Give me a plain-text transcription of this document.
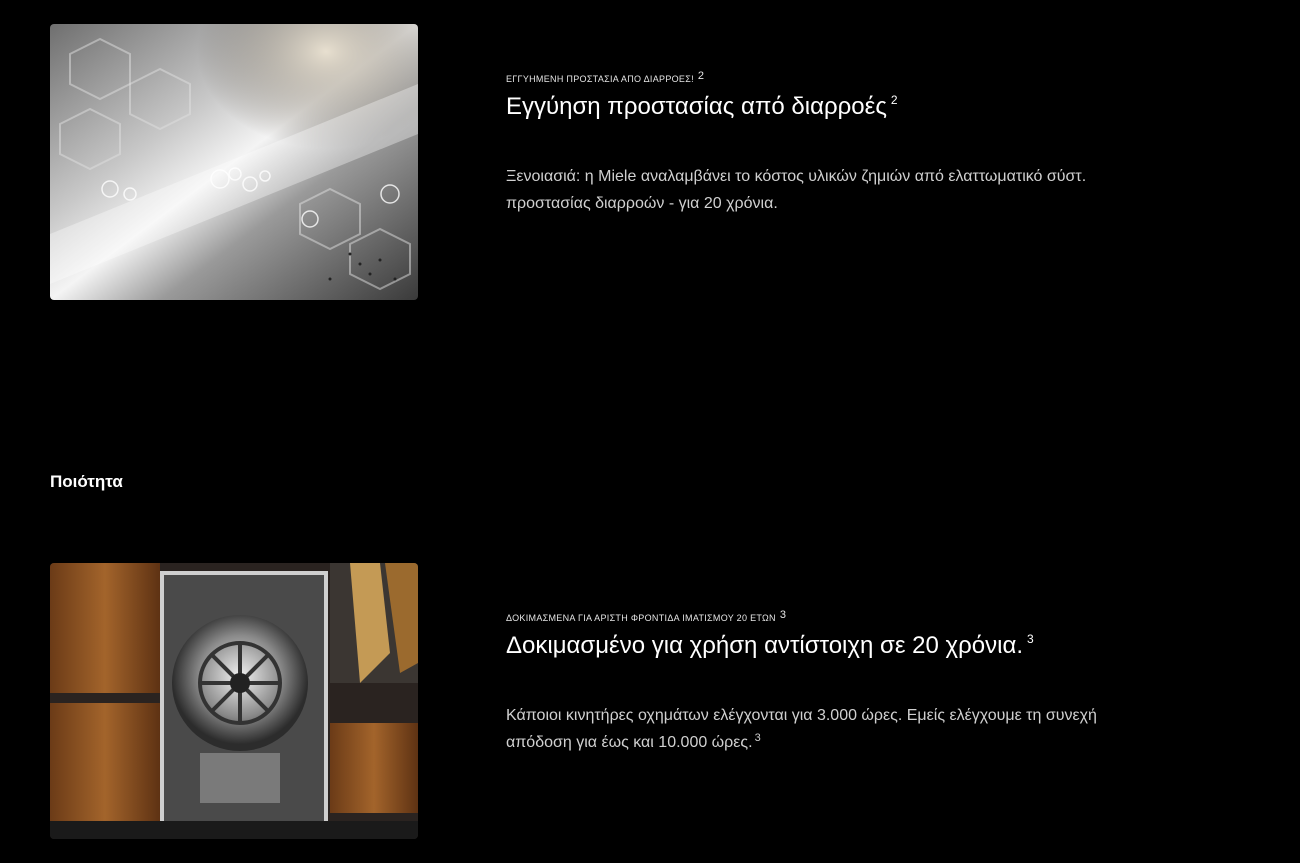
ΕΓΓΥΗΜΕΝΗ ΠΡΟΣΤΑΣΙΑ ΑΠΟ ΔΙΑΡΡΟΕΣ! 2
Εγγύηση προστασίας από διαρροές $^2$

Ξενοιασιά: η Miele αναλαμβάνει το κόστος υλικών ζημιών από ελαττωματικό σύστ.
προστασίας διαρροών - για 20 χρόνια.

Ποιότητα
ΔΟΚΙΜΑΣΜΕΝΑ ΓΙΑ ΑΡΙΣΤΗ ΦΡΟΝΤΙΔΑ ΙΜΑΤΙΣΜΟΥ 20 ΕΤΩΝ 3
Δοκιμασμένο για χρήση αντίστοιχη σε 20 χρόνια. $^3$

Κάποιοι κινητήρες οχημάτων ελέγχονται για 3.000 ώρες. Εμείς ελέγχουμε τη συνεχή
απόδοση για έως και 10.000 ώρες. $^3$
